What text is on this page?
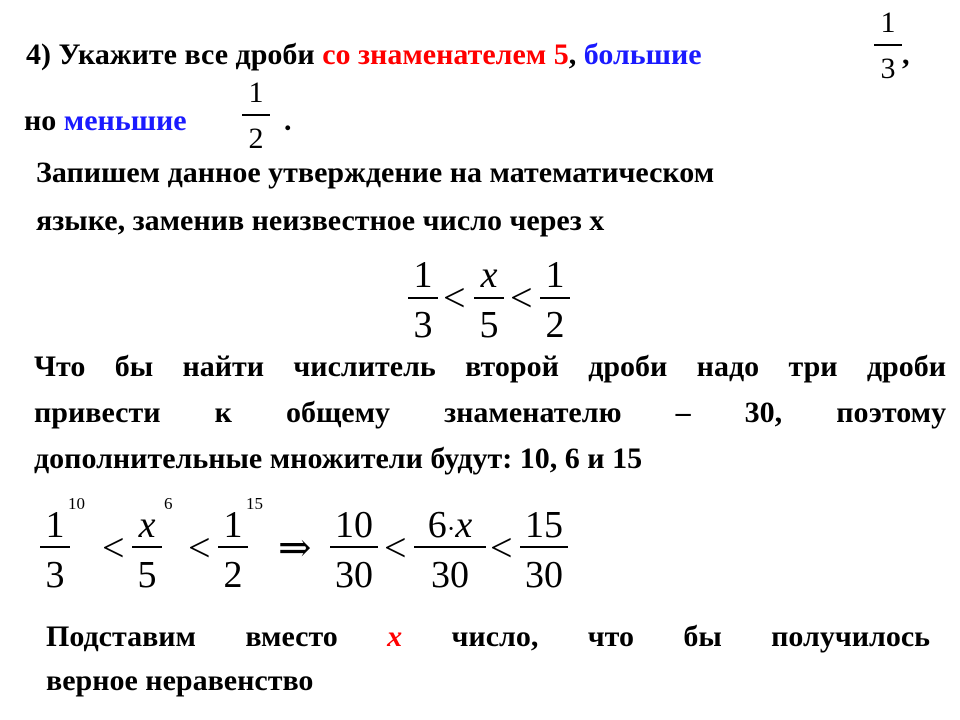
4) Укажите все дроби со знаменателем 5, большие
1
3 ,
но меньшие
1
2
.
Запишем данное утверждение на математическом
языке, заменив неизвестное число через х
1
3
< x
5
< 1
2
Что бы найти числитель второй дроби надо три дроби
привести к общему знаменателю – 30, поэтому
дополнительные множители будут: 10, 6 и 15
1
10
3
< x
6
5
< 1
15
2
⇒ 10
30
< 6·x
30
< 15
30
Подставим вместо x число, что бы получилось
верное неравенство
